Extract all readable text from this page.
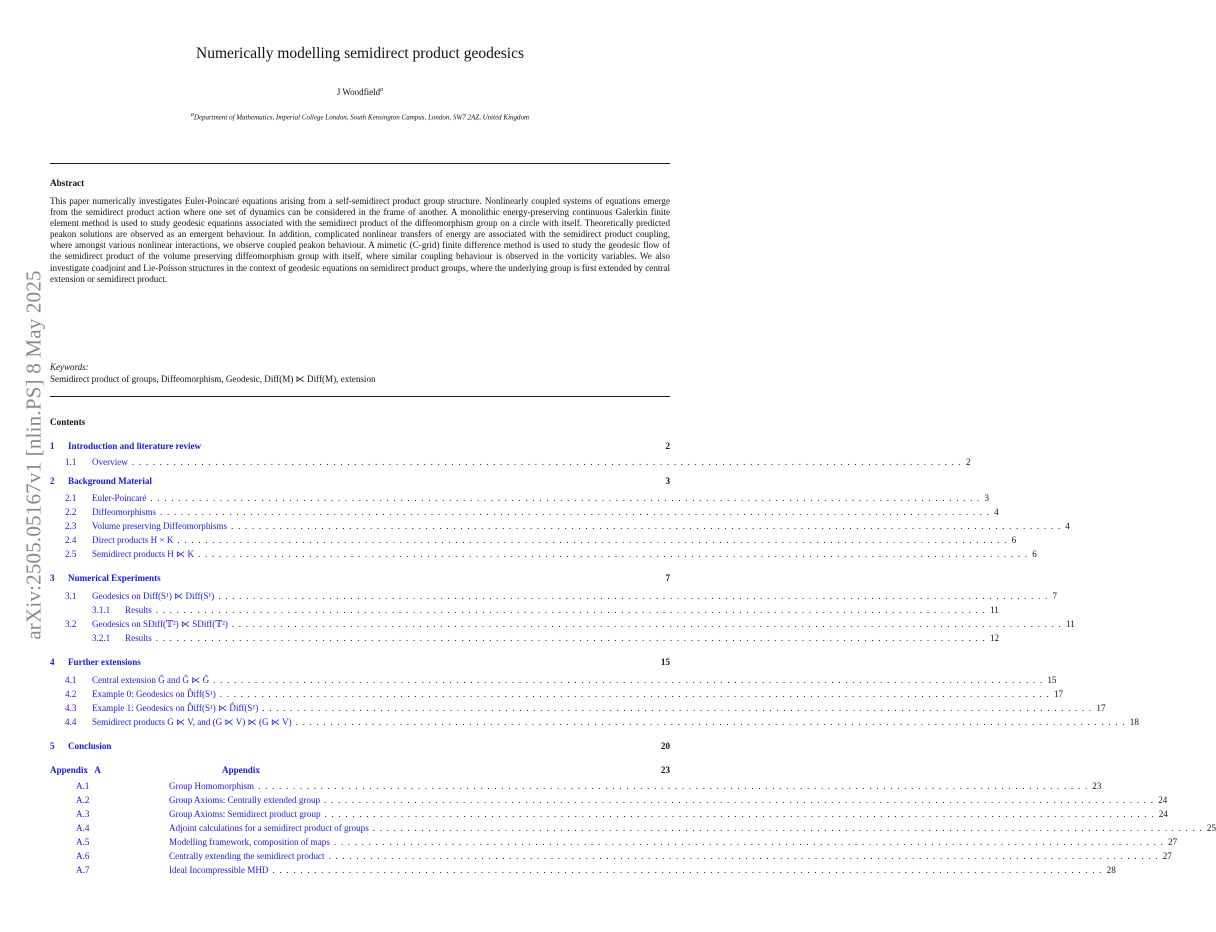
arXiv:2505.05167v1 [nlin.PS] 8 May 2025
Numerically modelling semidirect product geodesics
J Woodfield$^a$
$^a$Department of Mathematics, Imperial College London, South Kensington Campus, London, SW7 2AZ, United Kingdom
Abstract
This paper numerically investigates Euler-Poincaré equations arising from a self-semidirect product group structure. Nonlinearly coupled systems of equations emerge from the semidirect product action where one set of dynamics can be considered in the frame of another. A monolithic energy-preserving continuous Galerkin finite element method is used to study geodesic equations associated with the semidirect product of the diffeomorphism group on a circle with itself. Theoretically predicted peakon solutions are observed as an emergent behaviour. In addition, complicated nonlinear transfers of energy are associated with the semidirect product coupling, where amongst various nonlinear interactions, we observe coupled peakon behaviour. A mimetic (C-grid) finite difference method is used to study the geodesic flow of the semidirect product of the volume preserving diffeomorphism group with itself, where similar coupling behaviour is observed in the vorticity variables. We also investigate coadjoint and Lie-Poisson structures in the context of geodesic equations on semidirect product groups, where the underlying group is first extended by central extension or semidirect product.
Keywords:
Semidirect product of groups, Diffeomorphism, Geodesic, Diff(M) ⋉ Diff(M), extension
Contents
1	Introduction and literature review	2
1.1	Overview . . . . . . . . . . . . . . . . . . . . . . . . . . . . . . . . . . . . . . . . . . . . . . . . . . . . . . . . . . . . . . . . . . . . . . . . . . . . . . . . . . . . . . . . . . . . . . . . . . . . . . . . . . . . . . . . . . . . . . . . 2
2	Background Material	3
2.1	Euler-Poincaré . . . . . . . . . . . . . . . . . . . . . . . . . . . . . . . . . . . . . . . . . . . . . . . . . . . . . . . . . . . . . . . . . . . . . . . . . . . . . . . . . . . . . . . . . . . . . . . . . . . . . . . . . . . . . . . . . . . . . . . . 3
2.2	Diffeomorphisms . . . . . . . . . . . . . . . . . . . . . . . . . . . . . . . . . . . . . . . . . . . . . . . . . . . . . . . . . . . . . . . . . . . . . . . . . . . . . . . . . . . . . . . . . . . . . . . . . . . . . . . . . . . . . . . . . . . . . . . . 4
2.3	Volume preserving Diffeomorphisms . . . . . . . . . . . . . . . . . . . . . . . . . . . . . . . . . . . . . . . . . . . . . . . . . . . . . . . . . . . . . . . . . . . . . . . . . . . . . . . . . . . . . . . . . . . . . . . . . . . . . . . . . . . . . . . . . . . . . . . . 4
2.4	Direct products H × K . . . . . . . . . . . . . . . . . . . . . . . . . . . . . . . . . . . . . . . . . . . . . . . . . . . . . . . . . . . . . . . . . . . . . . . . . . . . . . . . . . . . . . . . . . . . . . . . . . . . . . . . . . . . . . . . . . . . . . . . 6
2.5	Semidirect products H ⋉ K . . . . . . . . . . . . . . . . . . . . . . . . . . . . . . . . . . . . . . . . . . . . . . . . . . . . . . . . . . . . . . . . . . . . . . . . . . . . . . . . . . . . . . . . . . . . . . . . . . . . . . . . . . . . . . . . . . . . . . . . 6
3	Numerical Experiments	7
3.1	Geodesics on Diff(S¹) ⋉ Diff(S¹) . . . . . . . . . . . . . . . . . . . . . . . . . . . . . . . . . . . . . . . . . . . . . . . . . . . . . . . . . . . . . . . . . . . . . . . . . . . . . . . . . . . . . . . . . . . . . . . . . . . . . . . . . . . . . . . . . . . . . . . . 7
3.1.1	Results . . . . . . . . . . . . . . . . . . . . . . . . . . . . . . . . . . . . . . . . . . . . . . . . . . . . . . . . . . . . . . . . . . . . . . . . . . . . . . . . . . . . . . . . . . . . . . . . . . . . . . . . . . . . . . . . . . . . . . . . 11
3.2	Geodesics on SDiff(𝕋²) ⋉ SDiff(𝕋²) . . . . . . . . . . . . . . . . . . . . . . . . . . . . . . . . . . . . . . . . . . . . . . . . . . . . . . . . . . . . . . . . . . . . . . . . . . . . . . . . . . . . . . . . . . . . . . . . . . . . . . . . . . . . . . . . . . . . . . . . 11
3.2.1	Results . . . . . . . . . . . . . . . . . . . . . . . . . . . . . . . . . . . . . . . . . . . . . . . . . . . . . . . . . . . . . . . . . . . . . . . . . . . . . . . . . . . . . . . . . . . . . . . . . . . . . . . . . . . . . . . . . . . . . . . . 12
4	Further extensions	15
4.1	Central extension Ĝ and Ĝ ⋉ Ĝ . . . . . . . . . . . . . . . . . . . . . . . . . . . . . . . . . . . . . . . . . . . . . . . . . . . . . . . . . . . . . . . . . . . . . . . . . . . . . . . . . . . . . . . . . . . . . . . . . . . . . . . . . . . . . . . . . . . . . . . . 15
4.2	Example 0: Geodesics on D̂iff(S¹) . . . . . . . . . . . . . . . . . . . . . . . . . . . . . . . . . . . . . . . . . . . . . . . . . . . . . . . . . . . . . . . . . . . . . . . . . . . . . . . . . . . . . . . . . . . . . . . . . . . . . . . . . . . . . . . . . . . . . . . . 17
4.3	Example 1: Geodesics on D̂iff(S¹) ⋉ D̂iff(S¹) . . . . . . . . . . . . . . . . . . . . . . . . . . . . . . . . . . . . . . . . . . . . . . . . . . . . . . . . . . . . . . . . . . . . . . . . . . . . . . . . . . . . . . . . . . . . . . . . . . . . . . . . . . . . . . . . . . . . . . . . 17
4.4	Semidirect products G ⋉ V, and (G ⋉ V) ⋉ (G ⋉ V) . . . . . . . . . . . . . . . . . . . . . . . . . . . . . . . . . . . . . . . . . . . . . . . . . . . . . . . . . . . . . . . . . . . . . . . . . . . . . . . . . . . . . . . . . . . . . . . . . . . . . . . . . . . . . . . . . . . . . . . . 18
5	Conclusion	20
Appendix   A	Appendix	23
A.1	Group Homomorphism . . . . . . . . . . . . . . . . . . . . . . . . . . . . . . . . . . . . . . . . . . . . . . . . . . . . . . . . . . . . . . . . . . . . . . . . . . . . . . . . . . . . . . . . . . . . . . . . . . . . . . . . . . . . . . . . . . . . . . . . 23
A.2	Group Axioms: Centrally extended group . . . . . . . . . . . . . . . . . . . . . . . . . . . . . . . . . . . . . . . . . . . . . . . . . . . . . . . . . . . . . . . . . . . . . . . . . . . . . . . . . . . . . . . . . . . . . . . . . . . . . . . . . . . . . . . . . . . . . . . . 24
A.3	Group Axioms: Semidirect product group . . . . . . . . . . . . . . . . . . . . . . . . . . . . . . . . . . . . . . . . . . . . . . . . . . . . . . . . . . . . . . . . . . . . . . . . . . . . . . . . . . . . . . . . . . . . . . . . . . . . . . . . . . . . . . . . . . . . . . . . 24
A.4	Adjoint calculations for a semidirect product of groups . . . . . . . . . . . . . . . . . . . . . . . . . . . . . . . . . . . . . . . . . . . . . . . . . . . . . . . . . . . . . . . . . . . . . . . . . . . . . . . . . . . . . . . . . . . . . . . . . . . . . . . . . . . . . . . . . . . . . . . . 25
A.5	Modelling framework, composition of maps . . . . . . . . . . . . . . . . . . . . . . . . . . . . . . . . . . . . . . . . . . . . . . . . . . . . . . . . . . . . . . . . . . . . . . . . . . . . . . . . . . . . . . . . . . . . . . . . . . . . . . . . . . . . . . . . . . . . . . . . 27
A.6	Centrally extending the semidirect product . . . . . . . . . . . . . . . . . . . . . . . . . . . . . . . . . . . . . . . . . . . . . . . . . . . . . . . . . . . . . . . . . . . . . . . . . . . . . . . . . . . . . . . . . . . . . . . . . . . . . . . . . . . . . . . . . . . . . . . . 27
A.7	Ideal Incompressible MHD . . . . . . . . . . . . . . . . . . . . . . . . . . . . . . . . . . . . . . . . . . . . . . . . . . . . . . . . . . . . . . . . . . . . . . . . . . . . . . . . . . . . . . . . . . . . . . . . . . . . . . . . . . . . . . . . . . . . . . . . 28
